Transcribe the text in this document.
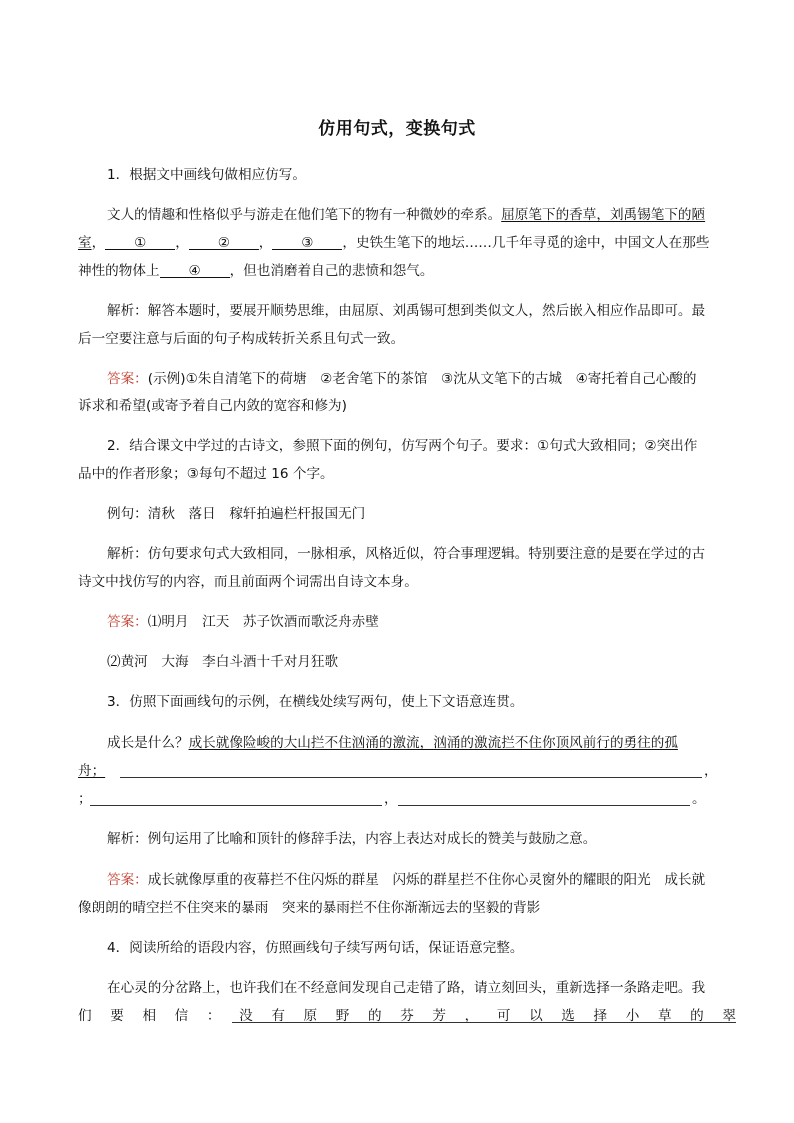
仿用句式，变换句式
1．根据文中画线句做相应仿写。
文人的情趣和性格似乎与游走在他们笔下的物有一种微妙的牵系。屈原笔下的香草，刘禹锡笔下的陋
室， ① ， ② ， ③ ，史铁生笔下的地坛……几千年寻觅的途中，中国文人在那些
神性的物体上 ④ ，但也消磨着自己的悲愤和怨气。
解析：解答本题时，要展开顺势思维，由屈原、刘禹锡可想到类似文人，然后嵌入相应作品即可。最
后一空要注意与后面的句子构成转折关系且句式一致。
答案：(示例)①朱自清笔下的荷塘　②老舍笔下的茶馆　③沈从文笔下的古城　④寄托着自己心酸的
诉求和希望(或寄予着自己内敛的宽容和修为)
2．结合课文中学过的古诗文，参照下面的例句，仿写两个句子。要求：①句式大致相同；②突出作
品中的作者形象；③每句不超过 16 个字。
例句：清秋　落日　稼轩拍遍栏杆报国无门
解析：仿句要求句式大致相同，一脉相承，风格近似，符合事理逻辑。特别要注意的是要在学过的古
诗文中找仿写的内容，而且前面两个词需出自诗文本身。
答案：⑴明月　江天　苏子饮酒而歌泛舟赤壁
⑵黄河　大海　李白斗酒十千对月狂歌
3．仿照下面画线句的示例，在横线处续写两句，使上下文语意连贯。
成长是什么？成长就像险峻的大山拦不住汹涌的激流，汹涌的激流拦不住你顶风前行的勇往的孤
舟；	，
；	，	。
解析：例句运用了比喻和顶针的修辞手法，内容上表达对成长的赞美与鼓励之意。
答案：成长就像厚重的夜幕拦不住闪烁的群星　闪烁的群星拦不住你心灵窗外的耀眼的阳光　成长就
像朗朗的晴空拦不住突来的暴雨　突来的暴雨拦不住你渐渐远去的坚毅的背影
4．阅读所给的语段内容，仿照画线句子续写两句话，保证语意完整。
在心灵的分岔路上，也许我们在不经意间发现自己走错了路，请立刻回头，重新选择一条路走吧。我
们 要 相 信 ： 没 有 原 野 的 芬 芳 ， 可 以 选 择 小 草 的 翠
